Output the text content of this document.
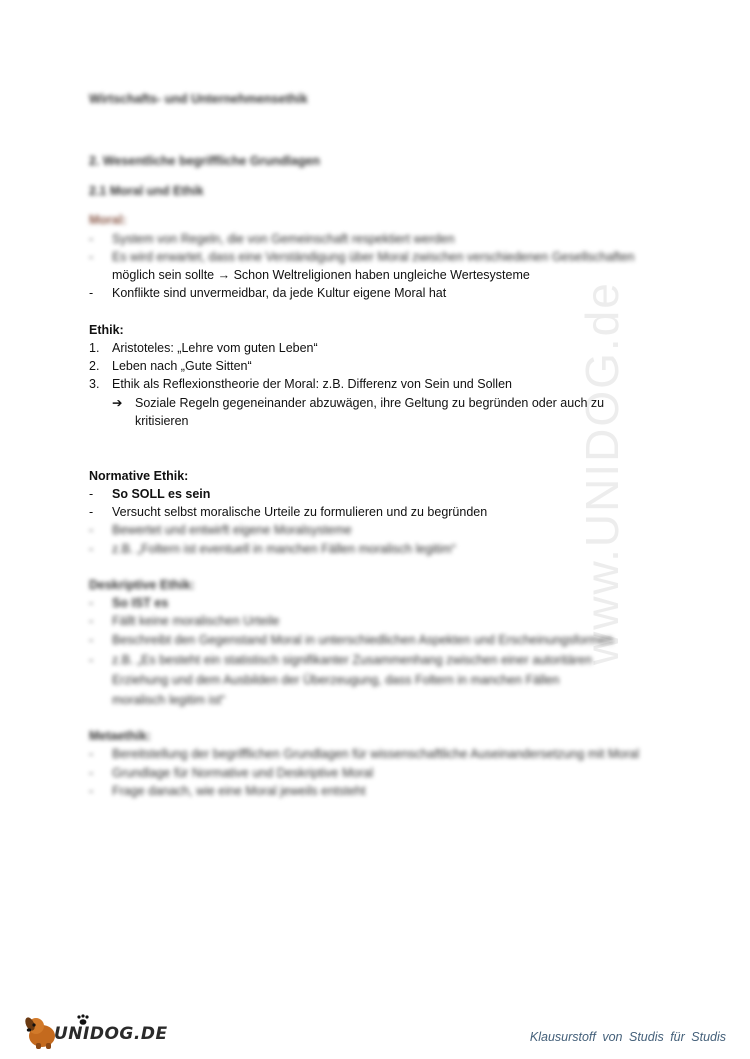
www.UNIDOG.de
Wirtschafts- und Unternehmensethik
2. Wesentliche begriffliche Grundlagen
2.1 Moral und Ethik
Moral:
- System von Regeln, die von Gemeinschaft respektiert werden
- Es wird erwartet, dass eine Verständigung über Moral zwischen verschiedenen Gesellschaften
möglich sein sollte → Schon Weltreligionen haben ungleiche Wertesysteme
- Konflikte sind unvermeidbar, da jede Kultur eigene Moral hat
Ethik:
1. Aristoteles: „Lehre vom guten Leben“
2. Leben nach „Gute Sitten“
3. Ethik als Reflexionstheorie der Moral: z.B. Differenz von Sein und Sollen
➔ Soziale Regeln gegeneinander abzuwägen, ihre Geltung zu begründen oder auch zu
kritisieren
Normative Ethik:
- So SOLL es sein
- Versucht selbst moralische Urteile zu formulieren und zu begründen
- Bewertet und entwirft eigene Moralsysteme
- z.B. „Foltern ist eventuell in manchen Fällen moralisch legitim“
Deskriptive Ethik:
- So IST es
- Fällt keine moralischen Urteile
- Beschreibt den Gegenstand Moral in unterschiedlichen Aspekten und Erscheinungsformen
- z.B. „Es besteht ein statistisch signifikanter Zusammenhang zwischen einer autoritären
Erziehung und dem Ausbilden der Überzeugung, dass Foltern in manchen Fällen
moralisch legitim ist“
Metaethik:
- Bereitstellung der begrifflichen Grundlagen für wissenschaftliche Auseinandersetzung mit Moral
- Grundlage für Normative und Deskriptive Moral
- Frage danach, wie eine Moral jeweils entsteht
UNIDOG.DE	Klausurstoff von Studis für Studis
